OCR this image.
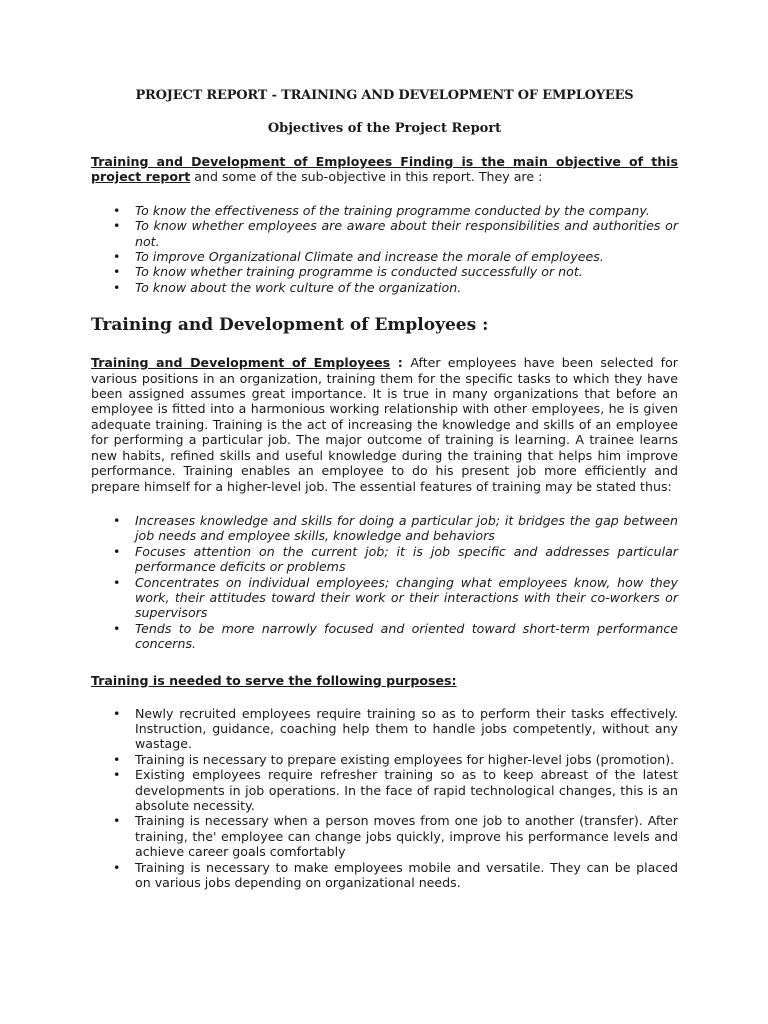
PROJECT REPORT - TRAINING AND DEVELOPMENT OF EMPLOYEES
Objectives of the Project Report

Training and Development of Employees Finding is the main objective of this project report and some of the sub-objective in this report. They are :

• To know the effectiveness of the training programme conducted by the company.
• To know whether employees are aware about their responsibilities and authorities or not.
• To improve Organizational Climate and increase the morale of employees.
• To know whether training programme is conducted successfully or not.
• To know about the work culture of the organization.
Training and Development of Employees :

Training and Development of Employees : After employees have been selected for various positions in an organization, training them for the specific tasks to which they have been assigned assumes great importance. It is true in many organizations that before an employee is fitted into a harmonious working relationship with other employees, he is given adequate training. Training is the act of increasing the knowledge and skills of an employee for performing a particular job. The major outcome of training is learning. A trainee learns new habits, refined skills and useful knowledge during the training that helps him improve performance. Training enables an employee to do his present job more efficiently and prepare himself for a higher-level job. The essential features of training may be stated thus:

• Increases knowledge and skills for doing a particular job; it bridges the gap between job needs and employee skills, knowledge and behaviors
• Focuses attention on the current job; it is job specific and addresses particular performance deficits or problems
• Concentrates on individual employees; changing what employees know, how they work, their attitudes toward their work or their interactions with their co-workers or supervisors
• Tends to be more narrowly focused and oriented toward short-term performance concerns.
Training is needed to serve the following purposes:
• Newly recruited employees require training so as to perform their tasks effectively. Instruction, guidance, coaching help them to handle jobs competently, without any wastage.
• Training is necessary to prepare existing employees for higher-level jobs (promotion).
• Existing employees require refresher training so as to keep abreast of the latest developments in job operations. In the face of rapid technological changes, this is an absolute necessity.
• Training is necessary when a person moves from one job to another (transfer). After training, the' employee can change jobs quickly, improve his performance levels and achieve career goals comfortably
• Training is necessary to make employees mobile and versatile. They can be placed on various jobs depending on organizational needs.
